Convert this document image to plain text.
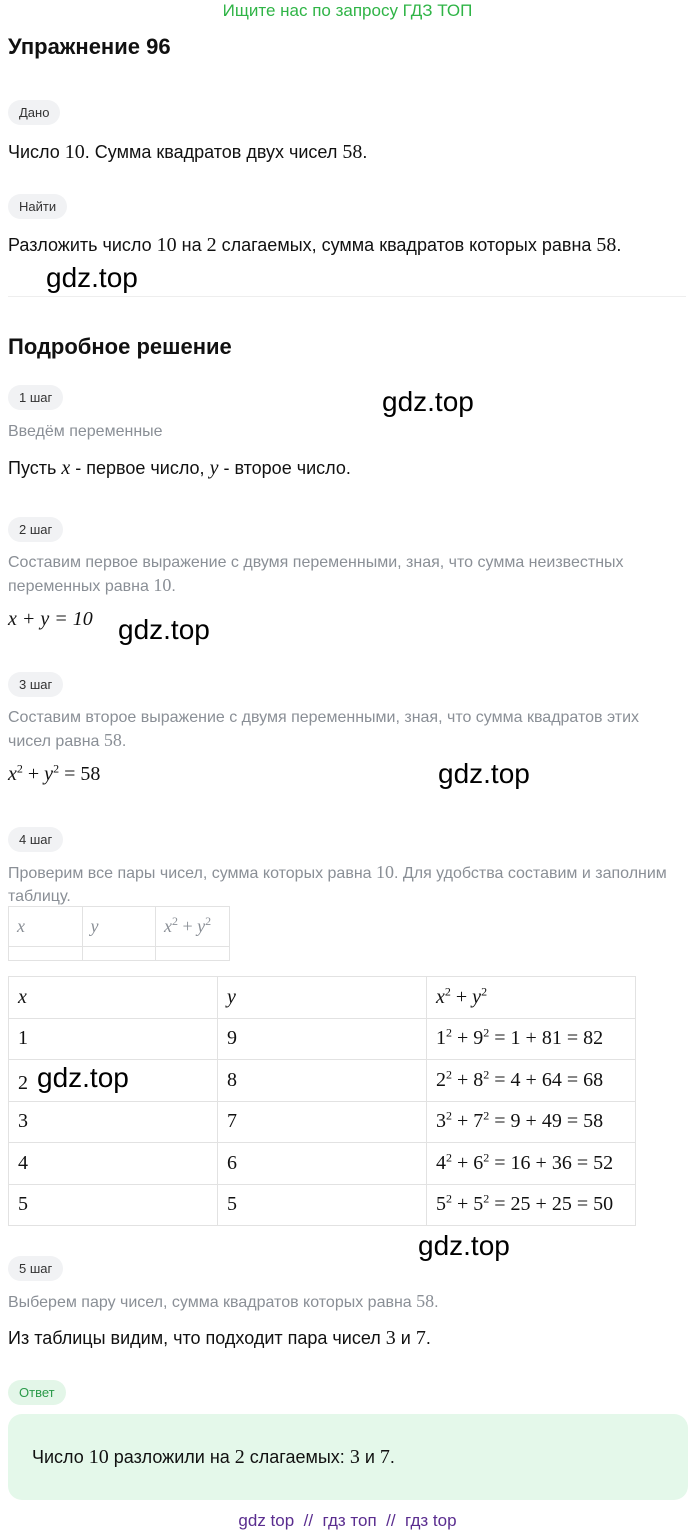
Ищите нас по запросу ГДЗ ТОП
Упражнение 96
Дано
Число 10. Сумма квадратов двух чисел 58.
Найти
Разложить число 10 на 2 слагаемых, сумма квадратов которых равна 58.
gdz.top
Подробное решение
1 шаг	gdz.top
Введём переменные
Пусть x - первое число, y - второе число.
2 шаг
Составим первое выражение с двумя переменными, зная, что сумма неизвестных переменных равна 10.
x + y = 10 gdz.top
3 шаг
Составим второе выражение с двумя переменными, зная, что сумма квадратов этих чисел равна 58.
$x^2 + y^2 = 58$	gdz.top
4 шаг
Проверим все пары чисел, сумма которых равна 10. Для удобства составим и заполним таблицу.
x	y	$x^2 + y^2$

x	y	$x^2 + y^2$
1	9	$1^2 + 9^2 = 1 + 81 = 82$
2 gdz.top	8	$2^2 + 8^2 = 4 + 64 = 68$
3	7	$3^2 + 7^2 = 9 + 49 = 58$
4	6	$4^2 + 6^2 = 16 + 36 = 52$
5	5	$5^2 + 5^2 = 25 + 25 = 50$
gdz.top
5 шаг
Выберем пару чисел, сумма квадратов которых равна 58.
Из таблицы видим, что подходит пара чисел 3 и 7.
Ответ
Число 10 разложили на 2 слагаемых: 3 и 7.
gdz top // гдз топ // гдз top
